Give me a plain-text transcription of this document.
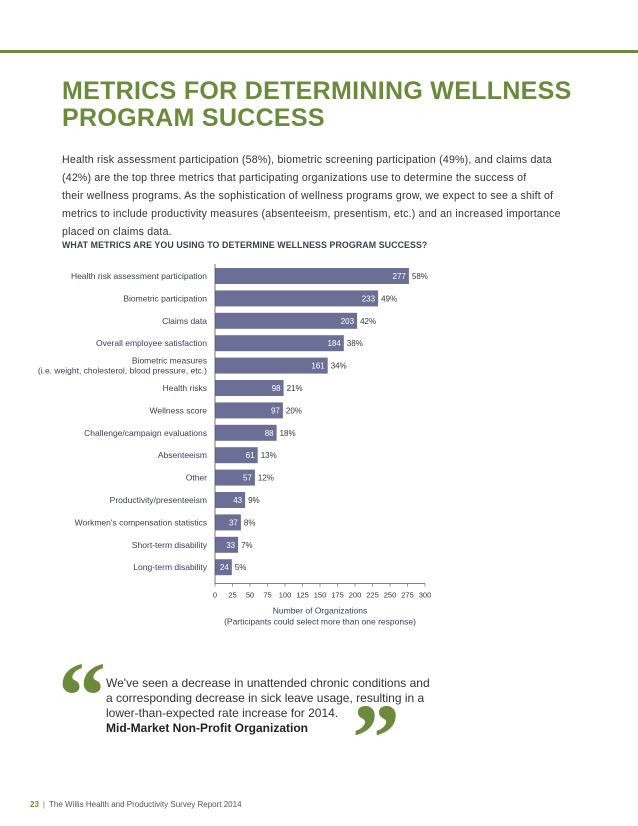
METRICS FOR DETERMINING WELLNESS
PROGRAM SUCCESS
Health risk assessment participation (58%), biometric screening participation (49%), and claims data
(42%) are the top three metrics that participating organizations use to determine the success of
their wellness programs. As the sophistication of wellness programs grow, we expect to see a shift of
metrics to include productivity measures (absenteeism, presentism, etc.) and an increased importance
placed on claims data.
WHAT METRICS ARE YOU USING TO DETERMINE WELLNESS PROGRAM SUCCESS?
277 58%
Health risk assessment participation
233 49%
Biometric participation
203 42%
Claims data
184 38%
Overall employee satisfaction
161 34%
Biometric measures
(i.e. weight, cholesterol, blood pressure, etc.)
98 21%
Health risks
97 20%
Wellness score
88 18%
Challenge/campaign evaluations
61 13%
Absenteeism
57 12%
Other
43 9%
Productivity/presenteeism
37 8%
Workmen's compensation statistics
33 7%
Short-term disability
24 5%
Long-term disability
0 25 50 75 100 125 150 175 200 225 250 275 300
Number of Organizations
(Participants could select more than one response)
“ We've seen a decrease in unattended chronic conditions and
a corresponding decrease in sick leave usage, resulting in a
lower-than-expected rate increase for 2014.
Mid-Market Non-Profit Organization ”
23 | The Willis Health and Productivity Survey Report 2014
